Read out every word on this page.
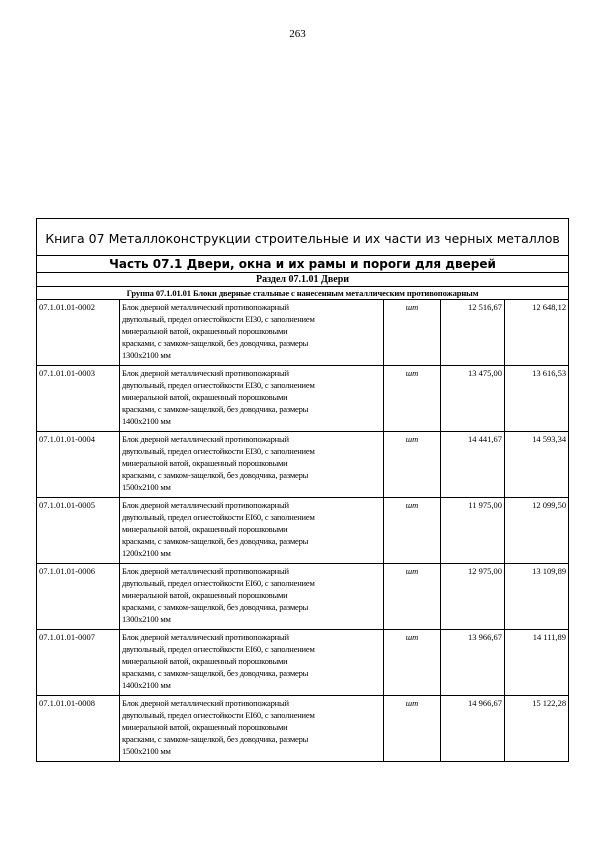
263
Книга 07 Металлоконструкции строительные и их части из черных металлов				
Часть 07.1 Двери, окна и их рамы и пороги для дверей				
Раздел 07.1.01 Двери				
Группа 07.1.01.01 Блоки дверные стальные с нанесенным металлическим противопожарным				
07.1.01.01-0002	Блок дверной металлический противопожарный
двупольный, предел огнестойкости EI30, с заполнением
минеральной ватой, окрашенный порошковыми
красками, с замком-защелкой, без доводчика, размеры
1300x2100 мм	шт	12 516,67	12 648,12
07.1.01.01-0003	Блок дверной металлический противопожарный
двупольный, предел огнестойкости EI30, с заполнением
минеральной ватой, окрашенный порошковыми
красками, с замком-защелкой, без доводчика, размеры
1400x2100 мм	шт	13 475,00	13 616,53
07.1.01.01-0004	Блок дверной металлический противопожарный
двупольный, предел огнестойкости EI30, с заполнением
минеральной ватой, окрашенный порошковыми
красками, с замком-защелкой, без доводчика, размеры
1500x2100 мм	шт	14 441,67	14 593,34
07.1.01.01-0005	Блок дверной металлический противопожарный
двупольный, предел огнестойкости EI60, с заполнением
минеральной ватой, окрашенный порошковыми
красками, с замком-защелкой, без доводчика, размеры
1200x2100 мм	шт	11 975,00	12 099,50
07.1.01.01-0006	Блок дверной металлический противопожарный
двупольный, предел огнестойкости EI60, с заполнением
минеральной ватой, окрашенный порошковыми
красками, с замком-защелкой, без доводчика, размеры
1300x2100 мм	шт	12 975,00	13 109,89
07.1.01.01-0007	Блок дверной металлический противопожарный
двупольный, предел огнестойкости EI60, с заполнением
минеральной ватой, окрашенный порошковыми
красками, с замком-защелкой, без доводчика, размеры
1400x2100 мм	шт	13 966,67	14 111,89
07.1.01.01-0008	Блок дверной металлический противопожарный
двупольный, предел огнестойкости EI60, с заполнением
минеральной ватой, окрашенный порошковыми
красками, с замком-защелкой, без доводчика, размеры
1500x2100 мм	шт	14 966,67	15 122,28
